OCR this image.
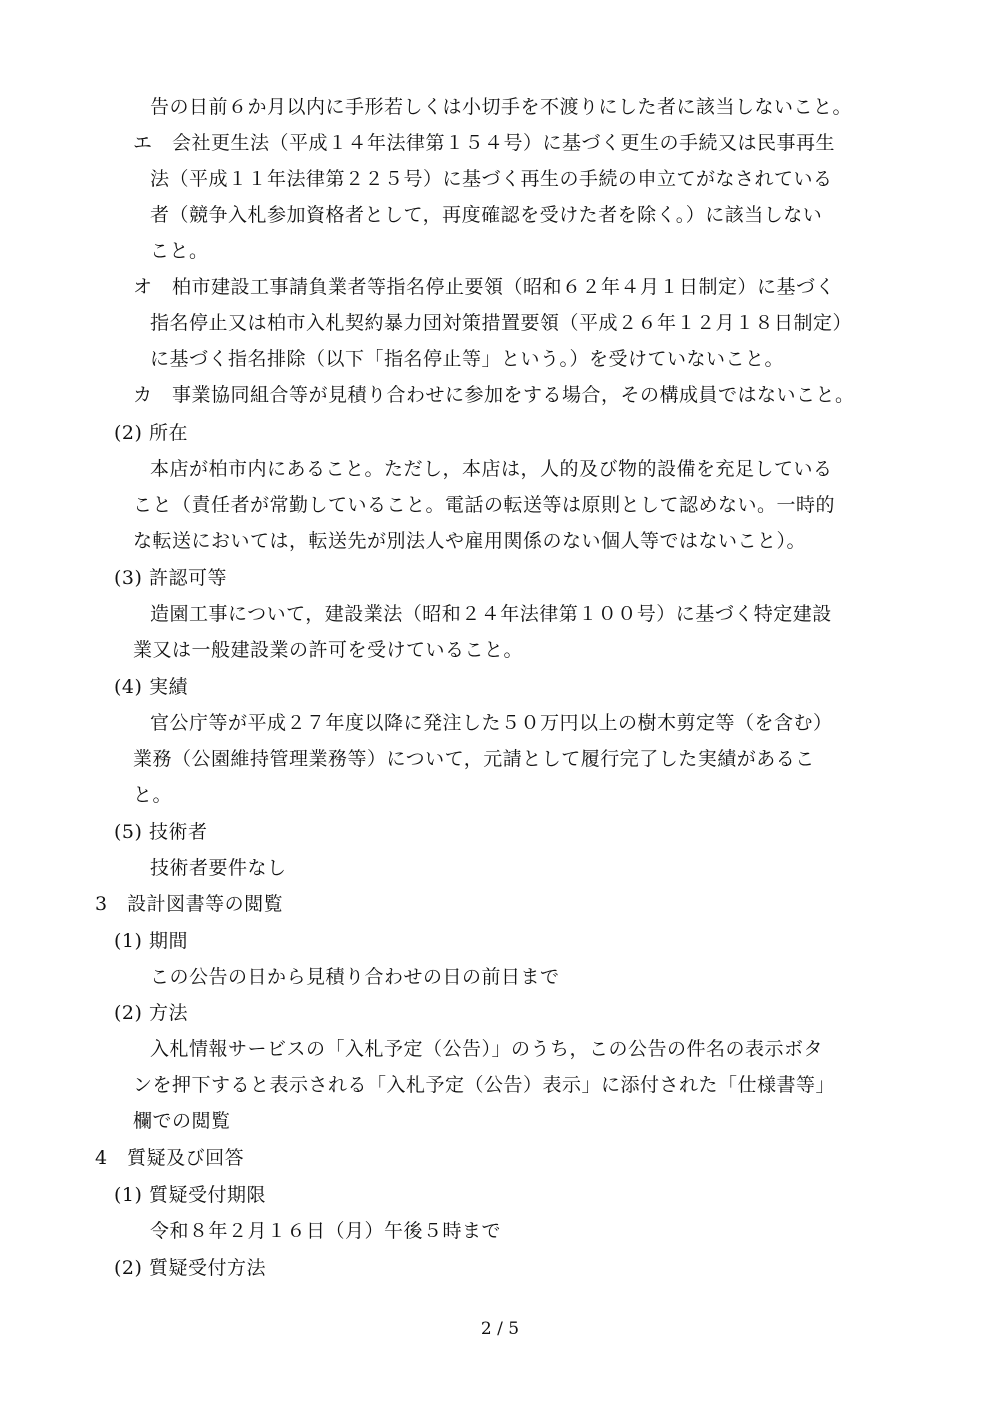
告の日前６か月以内に手形若しくは小切手を不渡りにした者に該当しないこと。
エ　会社更生法（平成１４年法律第１５４号）に基づく更生の手続又は民事再生
法（平成１１年法律第２２５号）に基づく再生の手続の申立てがなされている
者（競争入札参加資格者として，再度確認を受けた者を除く。）に該当しない
こと。
オ　柏市建設工事請負業者等指名停止要領（昭和６２年４月１日制定）に基づく
指名停止又は柏市入札契約暴力団対策措置要領（平成２６年１２月１８日制定）
に基づく指名排除（以下「指名停止等」という。）を受けていないこと。
カ　事業協同組合等が見積り合わせに参加をする場合，その構成員ではないこと。
(2) 所在
本店が柏市内にあること。ただし，本店は，人的及び物的設備を充足している
こと（責任者が常勤していること。電話の転送等は原則として認めない。一時的
な転送においては，転送先が別法人や雇用関係のない個人等ではないこと）。
(3) 許認可等
造園工事について，建設業法（昭和２４年法律第１００号）に基づく特定建設
業又は一般建設業の許可を受けていること。
(4) 実績
官公庁等が平成２７年度以降に発注した５０万円以上の樹木剪定等（を含む）
業務（公園維持管理業務等）について，元請として履行完了した実績があるこ
と。
(5) 技術者
技術者要件なし
3　設計図書等の閲覧
(1) 期間
この公告の日から見積り合わせの日の前日まで
(2) 方法
入札情報サービスの「入札予定（公告）」のうち，この公告の件名の表示ボタ
ンを押下すると表示される「入札予定（公告）表示」に添付された「仕様書等」
欄での閲覧
4　質疑及び回答
(1) 質疑受付期限
令和８年２月１６日（月）午後５時まで
(2) 質疑受付方法
2 / 5
